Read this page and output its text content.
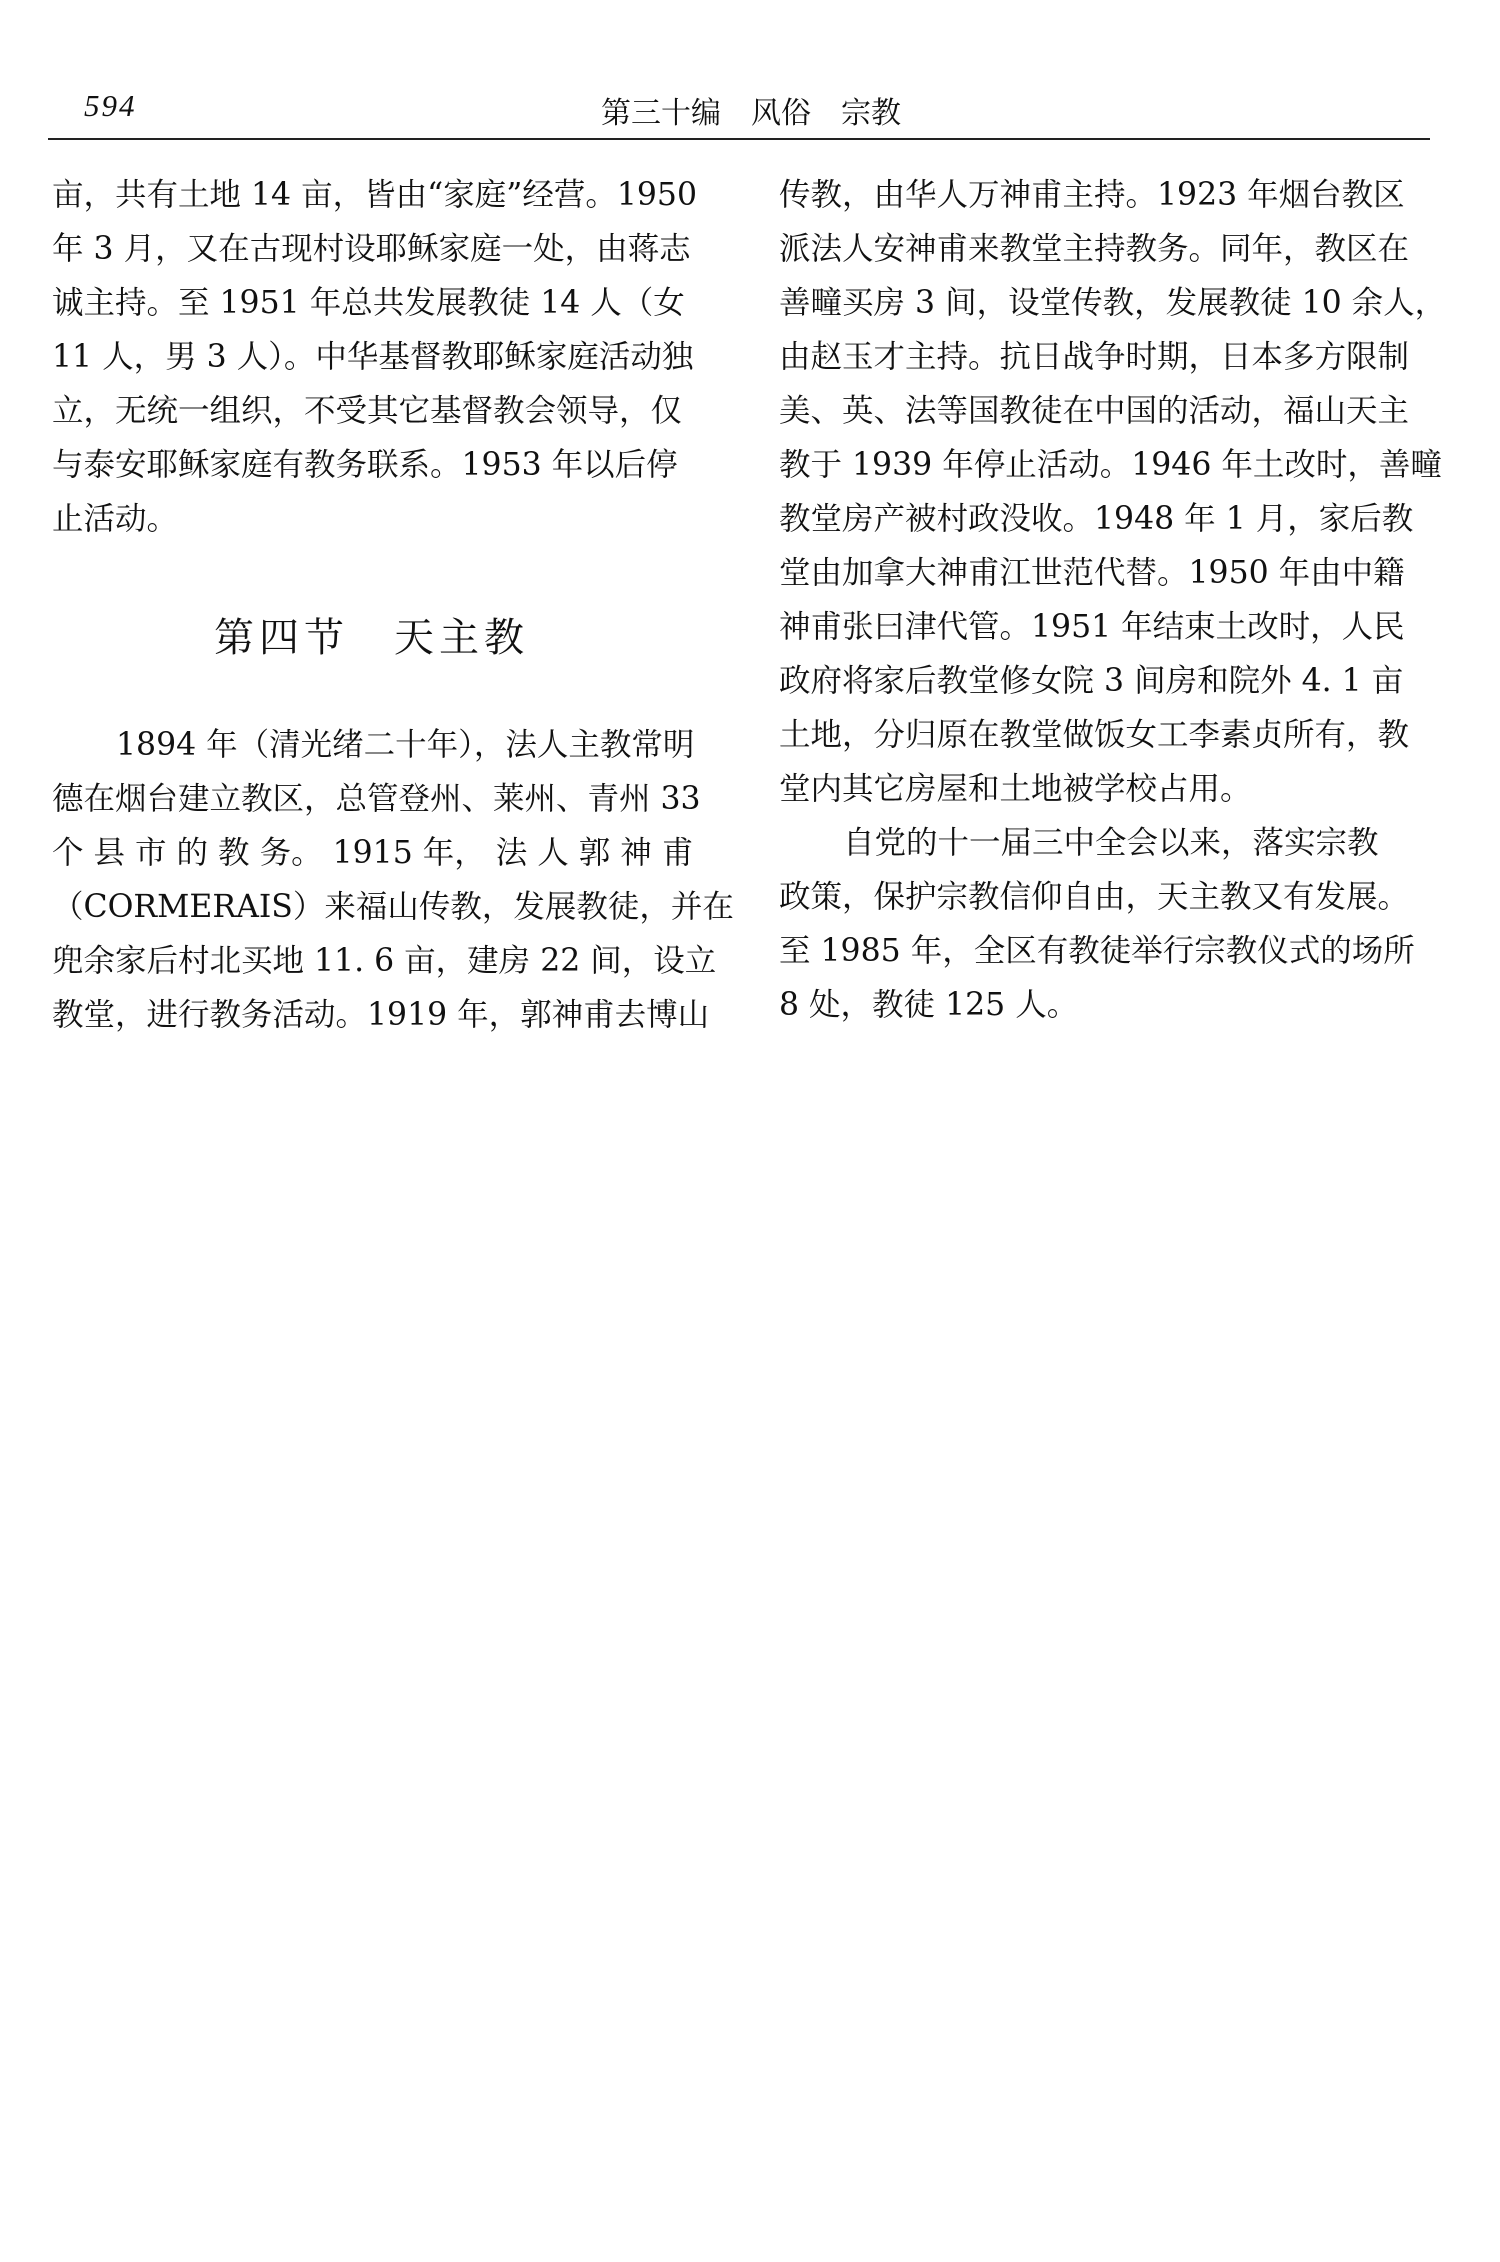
594	第三十编　风俗　宗教
亩，共有土地 14 亩，皆由“家庭”经营。1950
年 3 月，又在古现村设耶稣家庭一处，由蒋志
诚主持。至 1951 年总共发展教徒 14 人（女
11 人，男 3 人）。中华基督教耶稣家庭活动独
立，无统一组织，不受其它基督教会领导，仅
与泰安耶稣家庭有教务联系。1953 年以后停
止活动。
第四节　天主教
1894 年（清光绪二十年），法人主教常明
德在烟台建立教区，总管登州、莱州、青州 33
个 县 市 的 教 务。 1915 年， 法 人 郭 神 甫
（CORMERAIS）来福山传教，发展教徒，并在
兜余家后村北买地 11. 6 亩，建房 22 间，设立
教堂，进行教务活动。1919 年，郭神甫去博山
传教，由华人万神甫主持。1923 年烟台教区
派法人安神甫来教堂主持教务。同年，教区在
善疃买房 3 间，设堂传教，发展教徒 10 余人，
由赵玉才主持。抗日战争时期，日本多方限制
美、英、法等国教徒在中国的活动，福山天主
教于 1939 年停止活动。1946 年土改时，善疃
教堂房产被村政没收。1948 年 1 月，家后教
堂由加拿大神甫江世范代替。1950 年由中籍
神甫张曰津代管。1951 年结束土改时，人民
政府将家后教堂修女院 3 间房和院外 4. 1 亩
土地，分归原在教堂做饭女工李素贞所有，教
堂内其它房屋和土地被学校占用。
自党的十一届三中全会以来，落实宗教
政策，保护宗教信仰自由，天主教又有发展。
至 1985 年，全区有教徒举行宗教仪式的场所
8 处，教徒 125 人。
